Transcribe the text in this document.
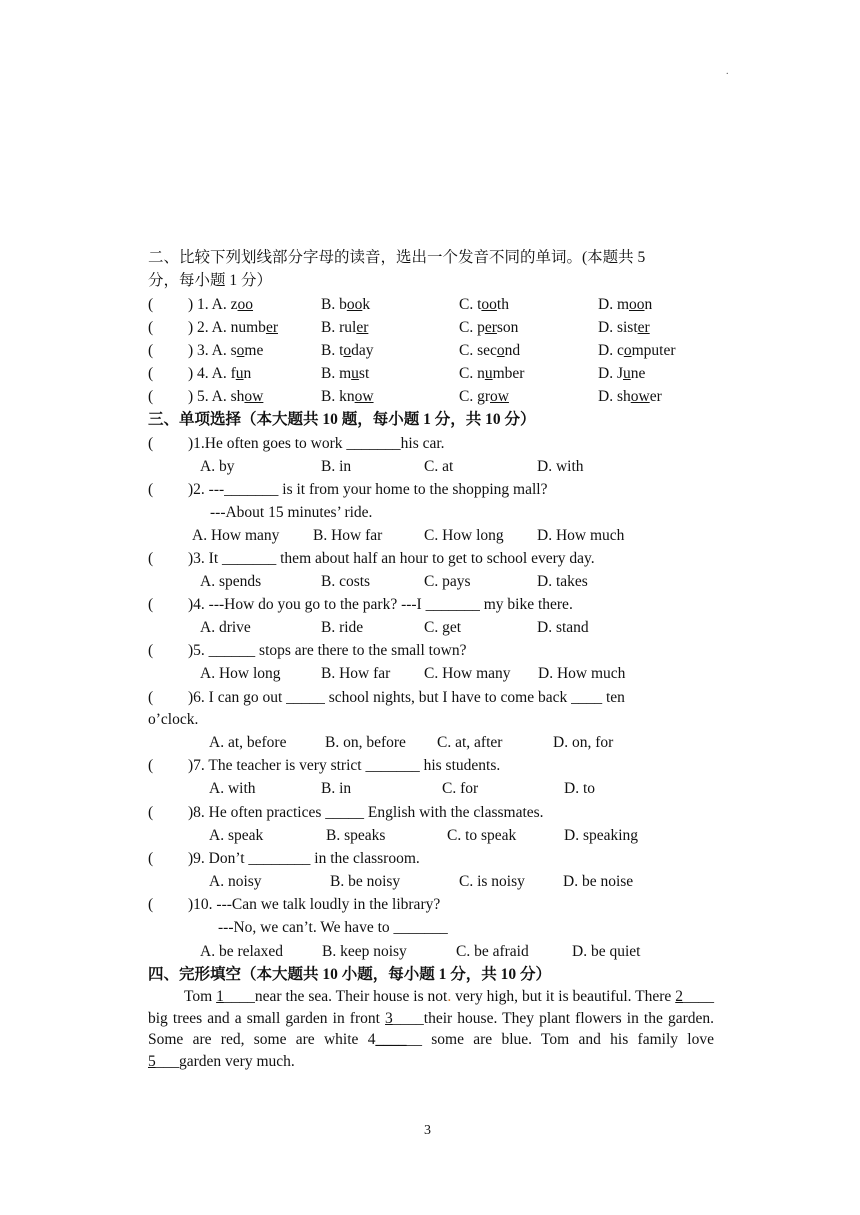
.
二、比较下列划线部分字母的读音，选出一个发音不同的单词。(本题共 5
分，每小题 1 分）
( ) 1. A. zoo	B. book	C. tooth	D. moon
( ) 2. A. number	B. ruler	C. person	D. sister
( ) 3. A. some	B. today	C. second	D. computer
( ) 4. A. fun	B. must	C. number	D. June
( ) 5. A. show	B. know	C. grow	D. shower
三、单项选择（本大题共 10 题，每小题 1 分，共 10 分）
( )1.He often goes to work _______his car.
A. by	B. in	C. at	D. with
( )2. ---_______ is it from your home to the shopping mall?
---About 15 minutes’ ride.
A. How many B. How far	C. How long D. How much
( )3. It _______ them about half an hour to get to school every day.
A. spends	B. costs	C. pays	D. takes
( )4. ---How do you go to the park? ---I _______ my bike there.
A. drive	B. ride	C. get	D. stand
( )5. ______ stops are there to the small town?
A. How long	B. How far C. How many D. How much
( )6. I can go out _____ school nights, but I have to come back ____ ten
o’clock.
A. at, before B. on, before C. at, after	D. on, for
( )7. The teacher is very strict _______ his students.
A. with	B. in	C. for	D. to
( )8. He often practices _____ English with the classmates.
A. speak	B. speaks	C. to speak	D. speaking
( )9. Don’t ________ in the classroom.
A. noisy	B. be noisy	C. is noisy D. be noise
( )10. ---Can we talk loudly in the library?
---No, we can’t. We have to _______
A. be relaxed	B. keep noisy	C. be afraid	D. be quiet
四、完形填空（本大题共 10 小题，每小题 1 分，共 10 分）
Tom 1____near the sea. Their house is not. very high, but it is beautiful. There 2____ big trees and a small garden in front 3____their house. They plant flowers in the garden. Some are red, some are white 4______ some are blue. Tom and his family love 5___garden very much.
3
